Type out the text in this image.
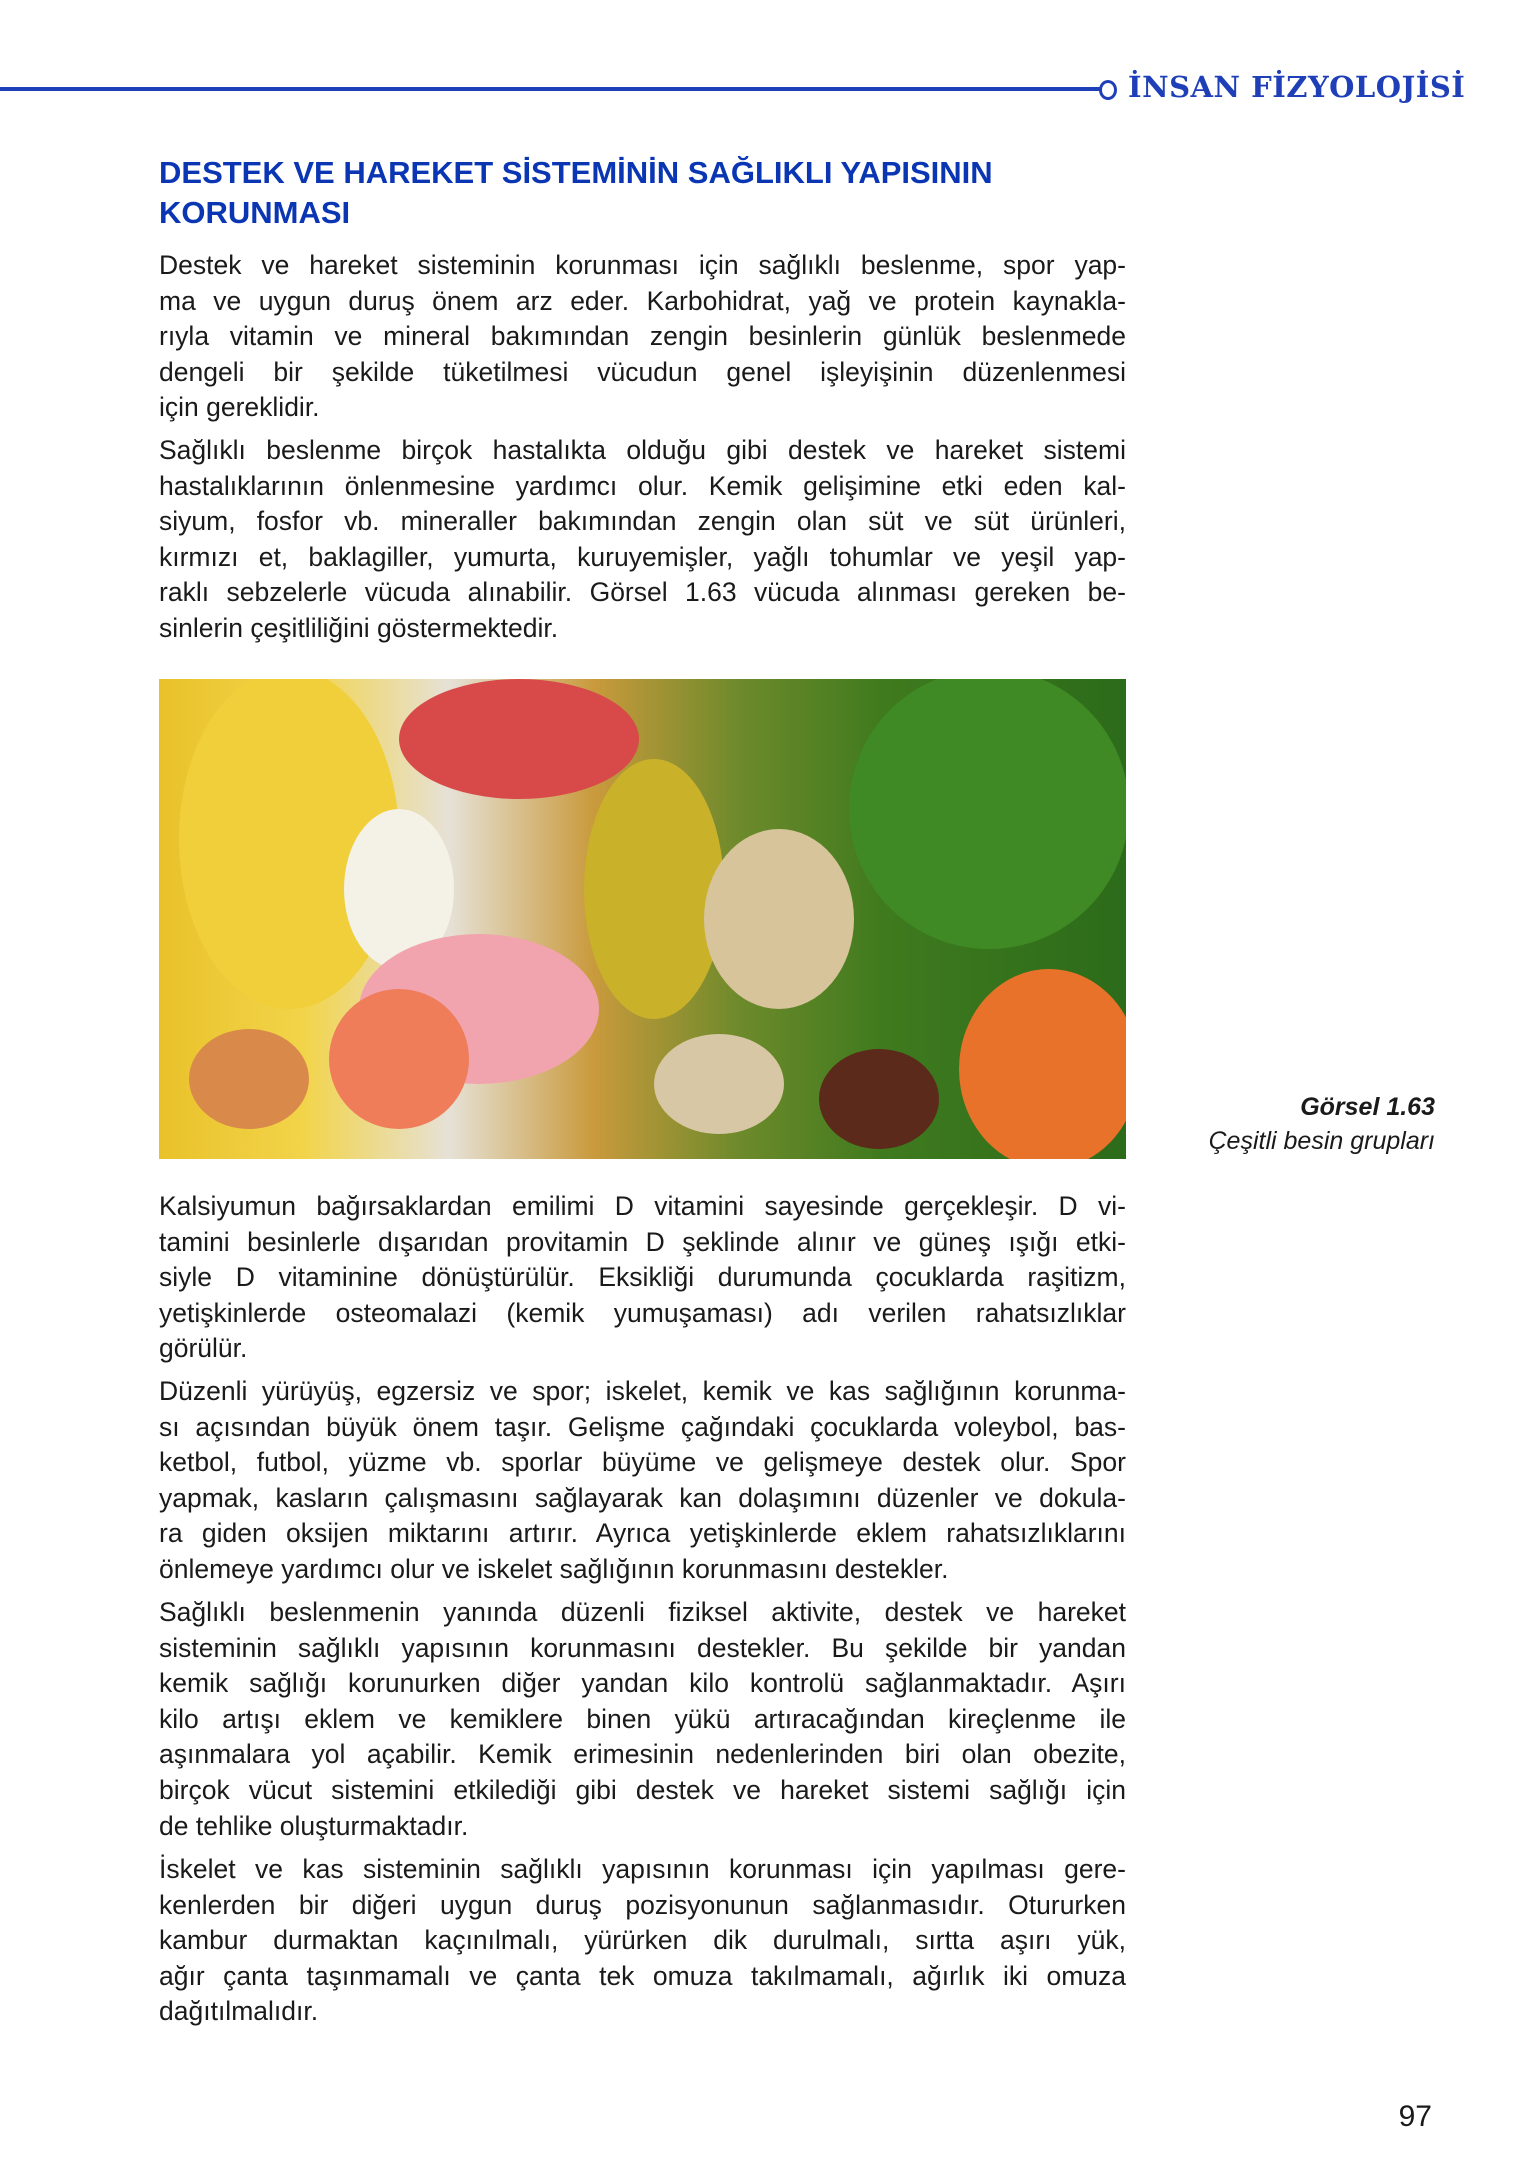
İNSAN FİZYOLOJİSİ
DESTEK VE HAREKET SİSTEMİNİN SAĞLIKLI YAPISININ KORUNMASI
Destek ve hareket sisteminin korunması için sağlıklı beslenme, spor yap-
ma ve uygun duruş önem arz eder. Karbohidrat, yağ ve protein kaynakla-
rıyla vitamin ve mineral bakımından zengin besinlerin günlük beslenmede
dengeli bir şekilde tüketilmesi vücudun genel işleyişinin düzenlenmesi
için gereklidir.
Sağlıklı beslenme birçok hastalıkta olduğu gibi destek ve hareket sistemi
hastalıklarının önlenmesine yardımcı olur. Kemik gelişimine etki eden kal-
siyum, fosfor vb. mineraller bakımından zengin olan süt ve süt ürünleri,
kırmızı et, baklagiller, yumurta, kuruyemişler, yağlı tohumlar ve yeşil yap-
raklı sebzelerle vücuda alınabilir. Görsel 1.63 vücuda alınması gereken be-
sinlerin çeşitliliğini göstermektedir.
Görsel 1.63
Çeşitli besin grupları
Kalsiyumun bağırsaklardan emilimi D vitamini sayesinde gerçekleşir. D vi-
tamini besinlerle dışarıdan provitamin D şeklinde alınır ve güneş ışığı etki-
siyle D vitaminine dönüştürülür. Eksikliği durumunda çocuklarda raşitizm,
yetişkinlerde osteomalazi (kemik yumuşaması) adı verilen rahatsızlıklar
görülür.
Düzenli yürüyüş, egzersiz ve spor; iskelet, kemik ve kas sağlığının korunma-
sı açısından büyük önem taşır. Gelişme çağındaki çocuklarda voleybol, bas-
ketbol, futbol, yüzme vb. sporlar büyüme ve gelişmeye destek olur. Spor
yapmak, kasların çalışmasını sağlayarak kan dolaşımını düzenler ve dokula-
ra giden oksijen miktarını artırır. Ayrıca yetişkinlerde eklem rahatsızlıklarını
önlemeye yardımcı olur ve iskelet sağlığının korunmasını destekler.
Sağlıklı beslenmenin yanında düzenli fiziksel aktivite, destek ve hareket
sisteminin sağlıklı yapısının korunmasını destekler. Bu şekilde bir yandan
kemik sağlığı korunurken diğer yandan kilo kontrolü sağlanmaktadır. Aşırı
kilo artışı eklem ve kemiklere binen yükü artıracağından kireçlenme ile
aşınmalara yol açabilir. Kemik erimesinin nedenlerinden biri olan obezite,
birçok vücut sistemini etkilediği gibi destek ve hareket sistemi sağlığı için
de tehlike oluşturmaktadır.
İskelet ve kas sisteminin sağlıklı yapısının korunması için yapılması gere-
kenlerden bir diğeri uygun duruş pozisyonunun sağlanmasıdır. Otururken
kambur durmaktan kaçınılmalı, yürürken dik durulmalı, sırtta aşırı yük,
ağır çanta taşınmamalı ve çanta tek omuza takılmamalı, ağırlık iki omuza
dağıtılmalıdır.
97
